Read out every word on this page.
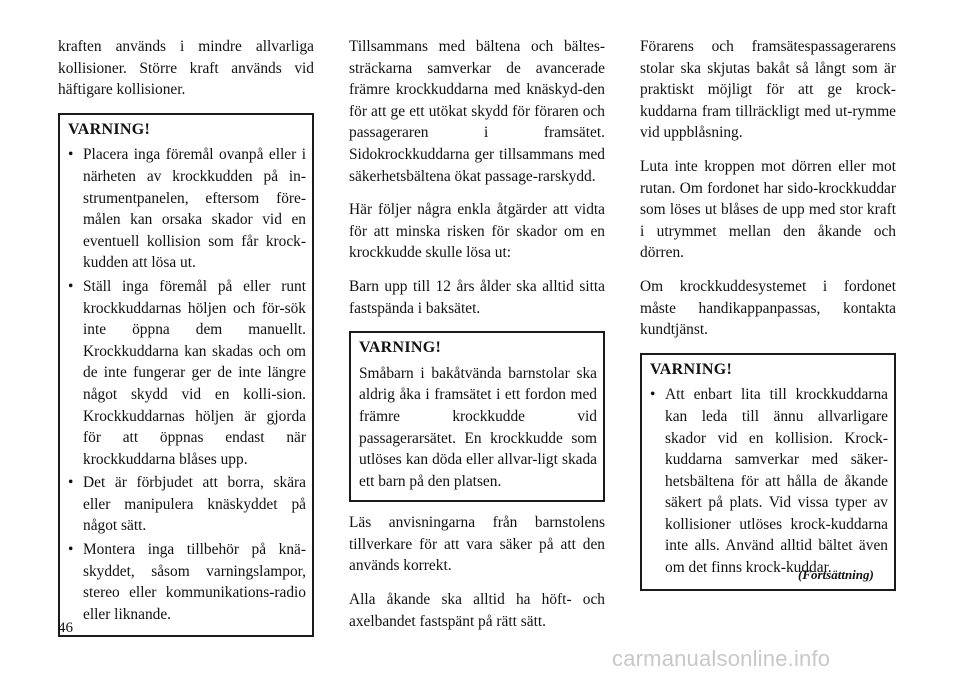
kraften används i mindre allvarliga kollisioner. Större kraft används vid häftigare kollisioner.

VARNING!
• Placera inga föremål ovanpå eller i närheten av krockkudden på in-strumentpanelen, eftersom före-målen kan orsaka skador vid en eventuell kollision som får krock-kudden att lösa ut.
• Ställ inga föremål på eller runt krockkuddarnas höljen och för-sök inte öppna dem manuellt. Krockkuddarna kan skadas och om de inte fungerar ger de inte längre något skydd vid en kolli-sion. Krockkuddarnas höljen är gjorda för att öppnas endast när krockkuddarna blåses upp.
• Det är förbjudet att borra, skära eller manipulera knäskyddet på något sätt.
• Montera inga tillbehör på knä-skyddet, såsom varningslampor, stereo eller kommunikations-radio eller liknande.

Tillsammans med bältena och bältes-sträckarna samverkar de avancerade främre krockkuddarna med knäskyd-den för att ge ett utökat skydd för föraren och passageraren i framsätet. Sidokrockkuddarna ger tillsammans med säkerhetsbältena ökat passage-rarskydd.

Här följer några enkla åtgärder att vidta för att minska risken för skador om en krockkudde skulle lösa ut:

Barn upp till 12 års ålder ska alltid sitta fastspända i baksätet.

VARNING!

Småbarn i bakåtvända barnstolar ska aldrig åka i framsätet i ett fordon med främre krockkudde vid passagerarsätet. En krockkudde som utlöses kan döda eller allvar-ligt skada ett barn på den platsen.

Läs anvisningarna från barnstolens tillverkare för att vara säker på att den används korrekt.

Alla åkande ska alltid ha höft- och axelbandet fastspänt på rätt sätt.

Förarens och framsätespassagerarens stolar ska skjutas bakåt så långt som är praktiskt möjligt för att ge krock-kuddarna fram tillräckligt med ut-rymme vid uppblåsning.

Luta inte kroppen mot dörren eller mot rutan. Om fordonet har sido-krockkuddar som löses ut blåses de upp med stor kraft i utrymmet mellan den åkande och dörren.

Om krockkuddesystemet i fordonet måste handikappanpassas, kontakta kundtjänst.

VARNING!
• Att enbart lita till krockkuddarna kan leda till ännu allvarligare skador vid en kollision. Krock-kuddarna samverkar med säker-hetsbältena för att hålla de åkande säkert på plats. Vid vissa typer av kollisioner utlöses krock-kuddarna inte alls. Använd alltid bältet även om det finns krock-kuddar.
(Fortsättning)
46
carmanualsonline.info
